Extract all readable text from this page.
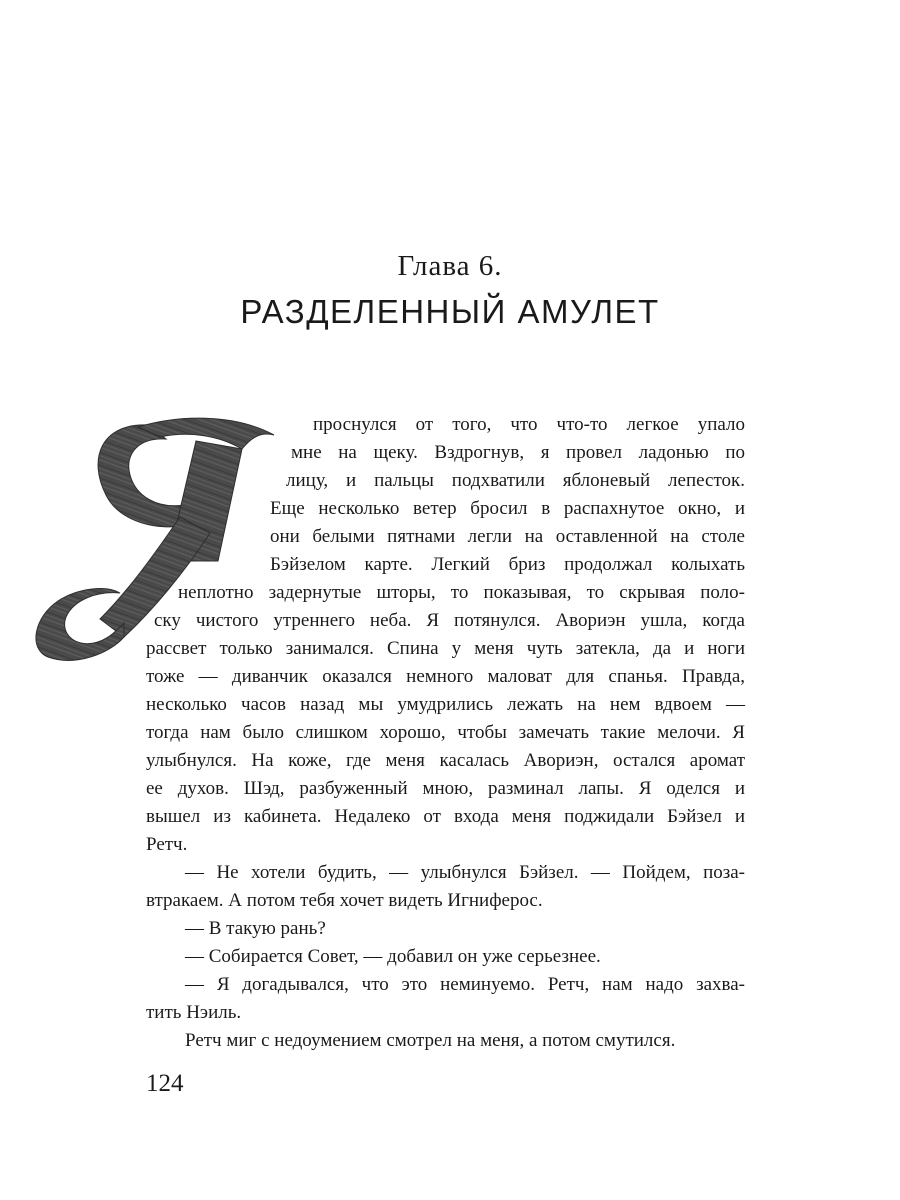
Глава 6.
РАЗДЕЛЕННЫЙ АМУЛЕТ
проснулся от того, что что-то легкое упало
мне на щеку. Вздрогнув, я провел ладонью по
лицу, и пальцы подхватили яблоневый лепесток.
Еще несколько ветер бросил в распахнутое окно, и
они белыми пятнами легли на оставленной на столе
Бэйзелом карте. Легкий бриз продолжал колыхать
неплотно задернутые шторы, то показывая, то скрывая поло-
ску чистого утреннего неба. Я потянулся. Авориэн ушла, когда
рассвет только занимался. Спина у меня чуть затекла, да и ноги
тоже — диванчик оказался немного маловат для спанья. Правда,
несколько часов назад мы умудрились лежать на нем вдвоем —
тогда нам было слишком хорошо, чтобы замечать такие мелочи. Я
улыбнулся. На коже, где меня касалась Авориэн, остался аромат
ее духов. Шэд, разбуженный мною, разминал лапы. Я оделся и
вышел из кабинета. Недалеко от входа меня поджидали Бэйзел и
Ретч.
— Не хотели будить, — улыбнулся Бэйзел. — Пойдем, поза-
втракаем. А потом тебя хочет видеть Игниферос.
— В такую рань?
— Собирается Совет, — добавил он уже серьезнее.
— Я догадывался, что это неминуемо. Ретч, нам надо захва-
тить Нэиль.
Ретч миг с недоумением смотрел на меня, а потом смутился.
124
